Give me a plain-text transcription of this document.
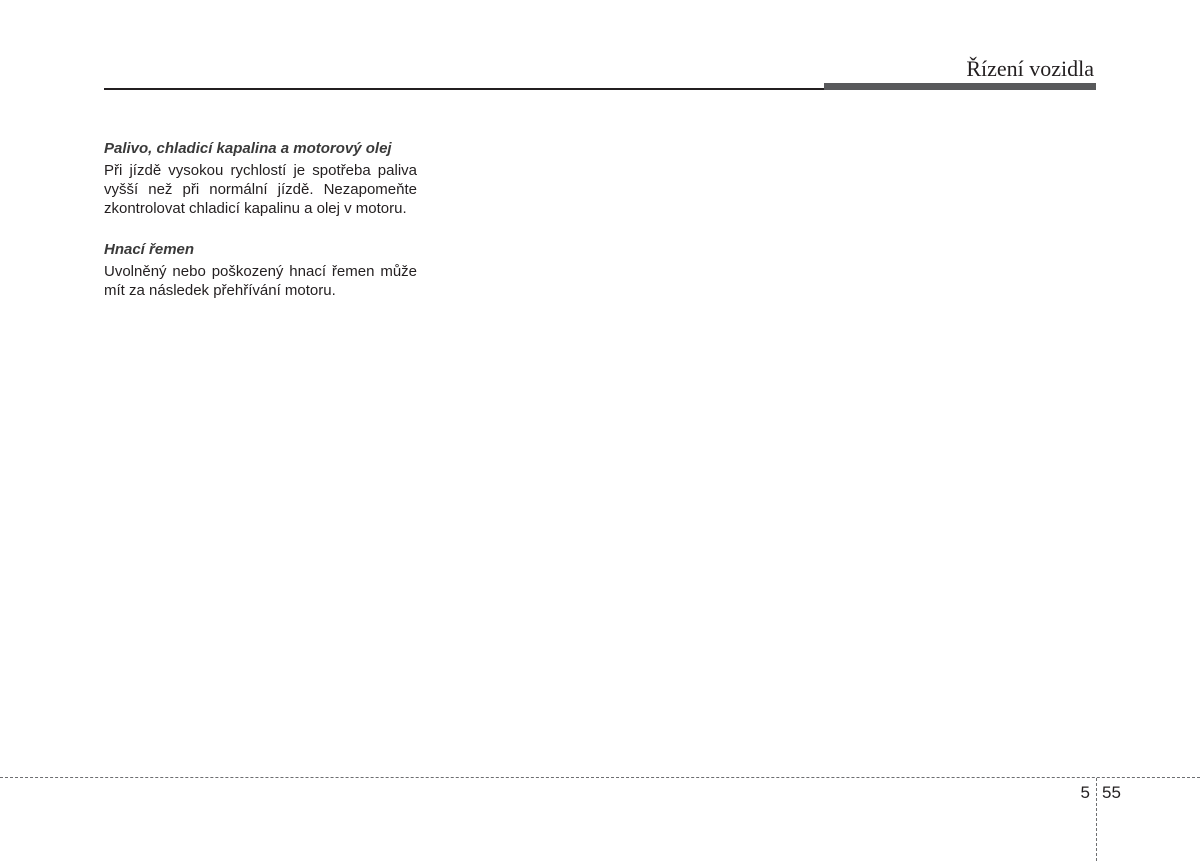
Řízení vozidla
Palivo, chladicí kapalina a motorový olej

Při jízdě vysokou rychlostí je spotřeba paliva vyšší než při normální jízdě. Nezapomeňte zkontrolovat chladicí kapalinu a olej v motoru.

Hnací řemen

Uvolněný nebo poškozený hnací řemen může mít za následek přehřívání motoru.

5 55
